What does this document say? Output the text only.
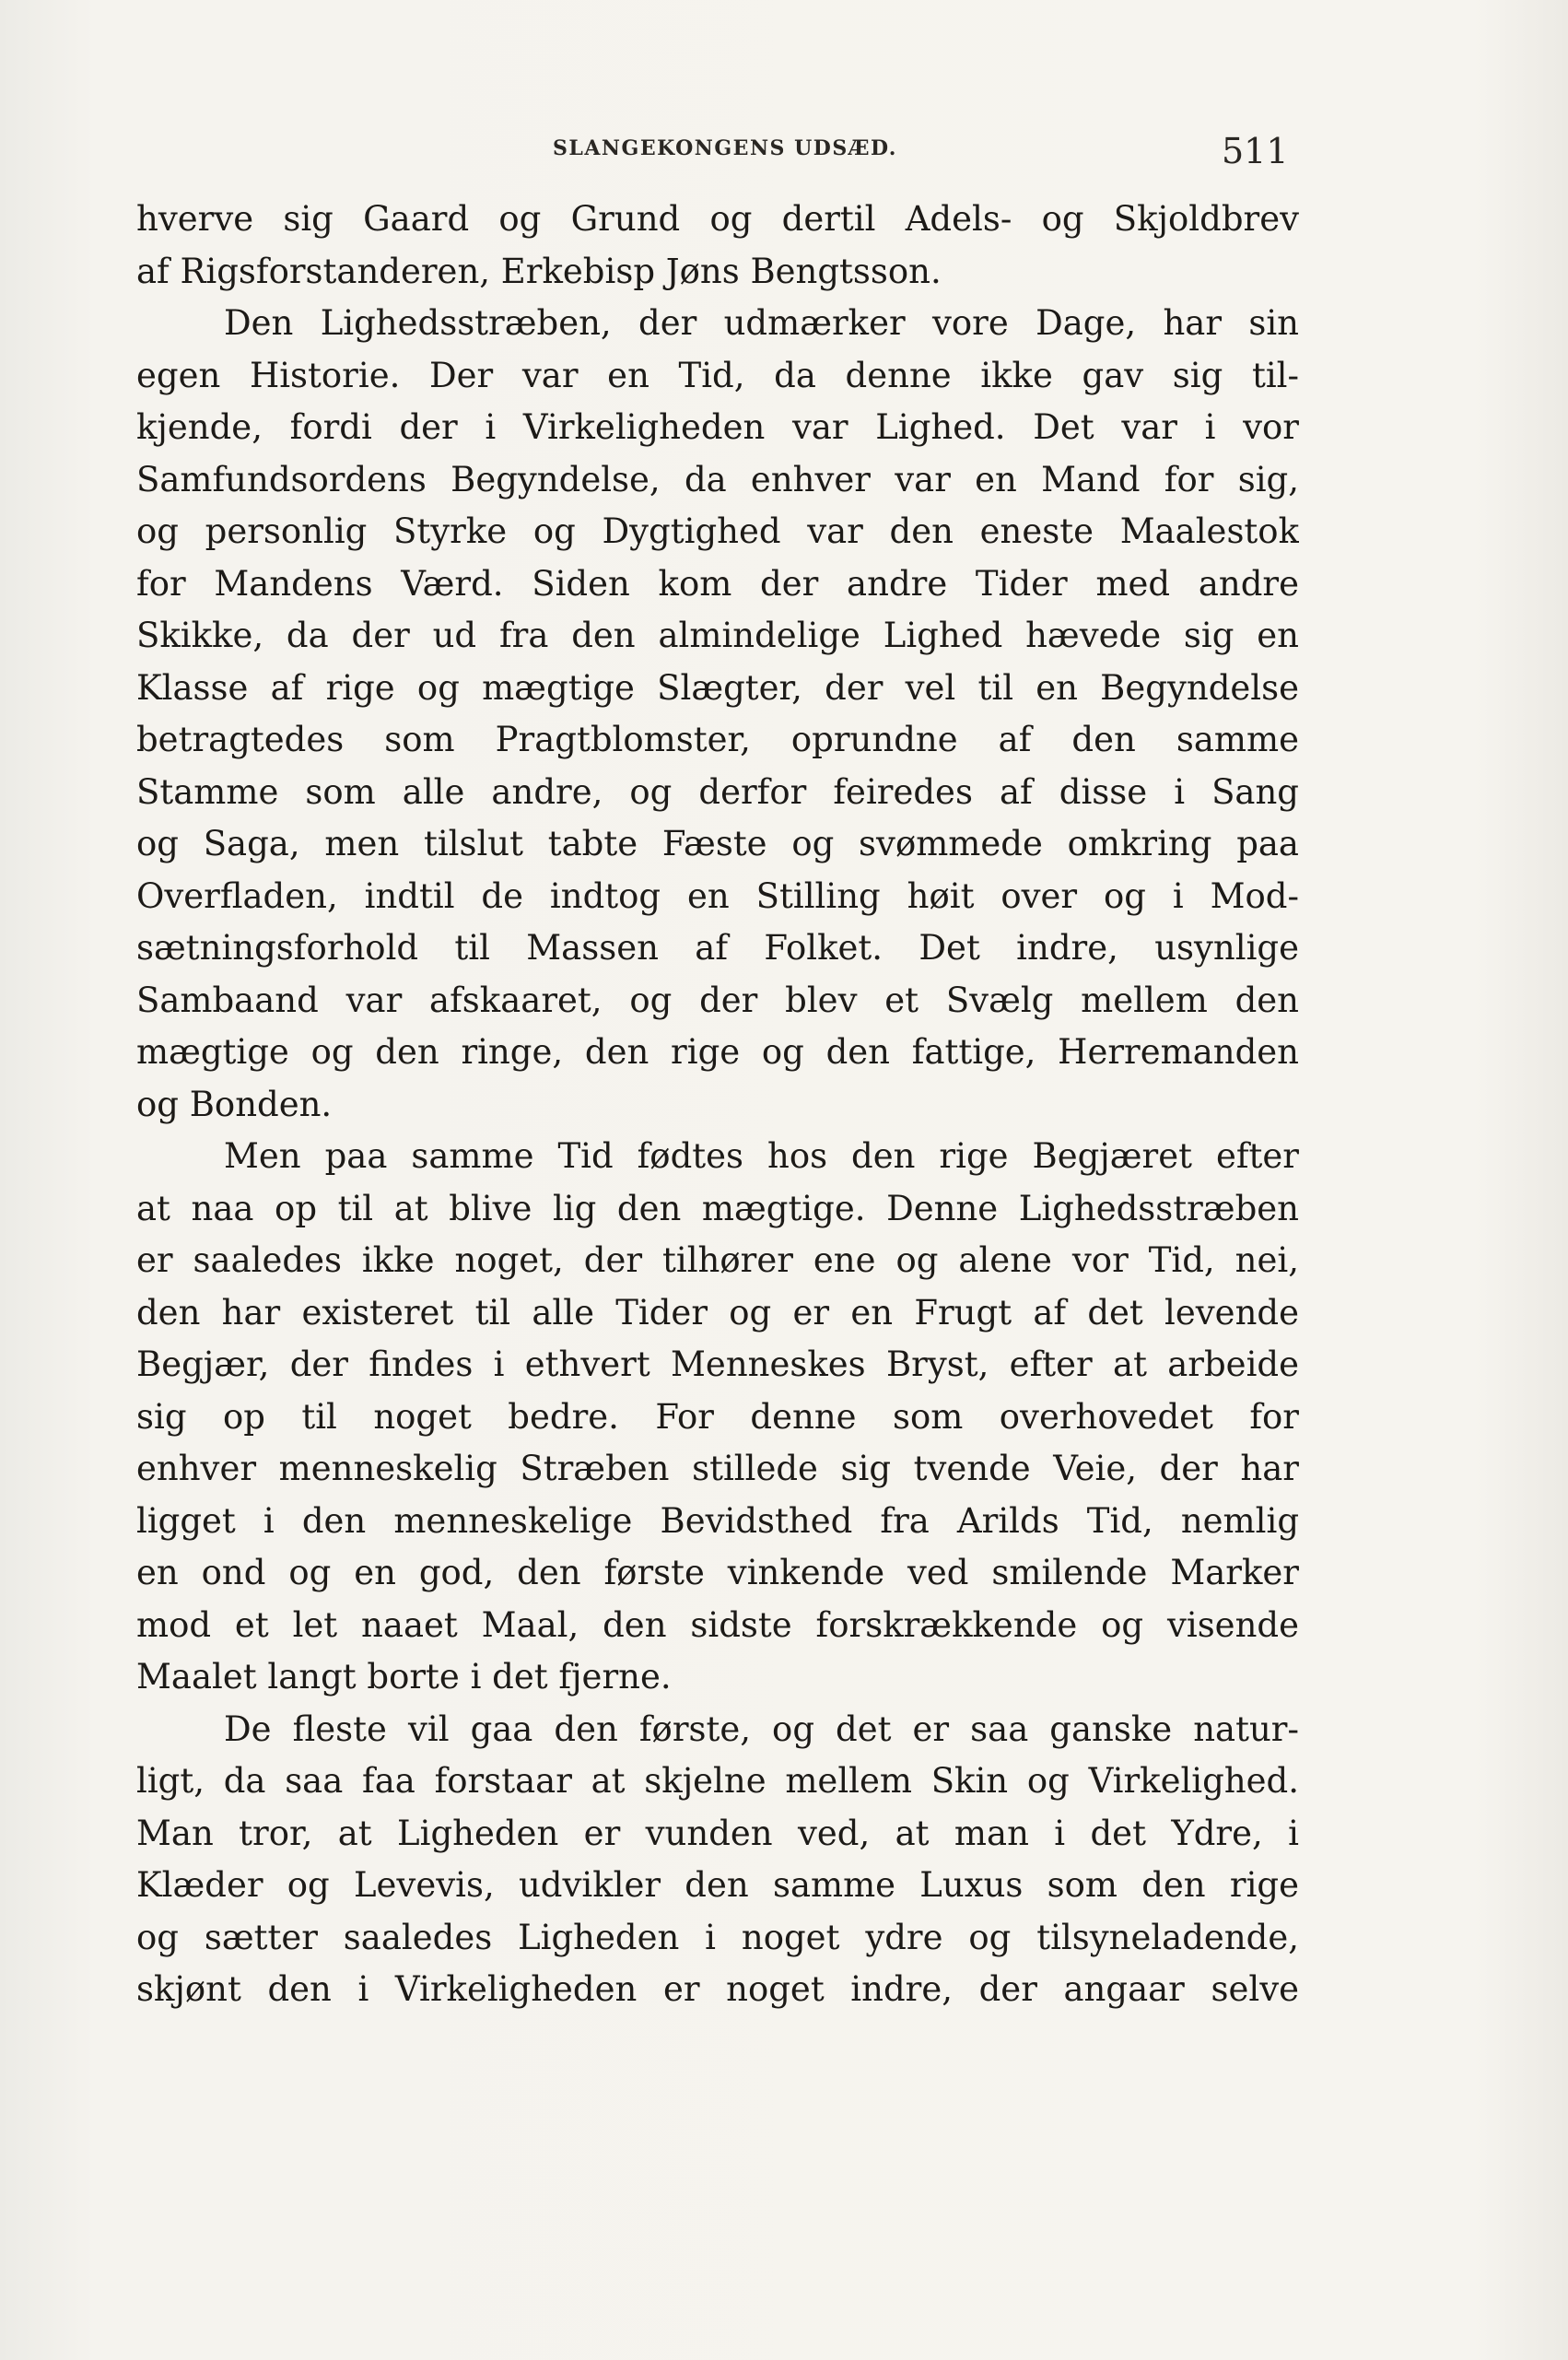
SLANGEKONGENS UDSÆD.	511
hverve sig Gaard og Grund og dertil Adels- og Skjoldbrev
af Rigsforstanderen, Erkebisp Jøns Bengtsson.
Den Lighedsstræben, der udmærker vore Dage, har sin
egen Historie. Der var en Tid, da denne ikke gav sig til-
kjende, fordi der i Virkeligheden var Lighed. Det var i vor
Samfundsordens Begyndelse, da enhver var en Mand for sig,
og personlig Styrke og Dygtighed var den eneste Maalestok
for Mandens Værd. Siden kom der andre Tider med andre
Skikke, da der ud fra den almindelige Lighed hævede sig en
Klasse af rige og mægtige Slægter, der vel til en Begyndelse
betragtedes som Pragtblomster, oprundne af den samme
Stamme som alle andre, og derfor feiredes af disse i Sang
og Saga, men tilslut tabte Fæste og svømmede omkring paa
Overfladen, indtil de indtog en Stilling høit over og i Mod-
sætningsforhold til Massen af Folket. Det indre, usynlige
Sambaand var afskaaret, og der blev et Svælg mellem den
mægtige og den ringe, den rige og den fattige, Herremanden
og Bonden.
Men paa samme Tid fødtes hos den rige Begjæret efter
at naa op til at blive lig den mægtige. Denne Lighedsstræben
er saaledes ikke noget, der tilhører ene og alene vor Tid, nei,
den har existeret til alle Tider og er en Frugt af det levende
Begjær, der findes i ethvert Menneskes Bryst, efter at arbeide
sig op til noget bedre. For denne som overhovedet for
enhver menneskelig Stræben stillede sig tvende Veie, der har
ligget i den menneskelige Bevidsthed fra Arilds Tid, nemlig
en ond og en god, den første vinkende ved smilende Marker
mod et let naaet Maal, den sidste forskrækkende og visende
Maalet langt borte i det fjerne.
De fleste vil gaa den første, og det er saa ganske natur-
ligt, da saa faa forstaar at skjelne mellem Skin og Virkelighed.
Man tror, at Ligheden er vunden ved, at man i det Ydre, i
Klæder og Levevis, udvikler den samme Luxus som den rige
og sætter saaledes Ligheden i noget ydre og tilsyneladende,
skjønt den i Virkeligheden er noget indre, der angaar selve
